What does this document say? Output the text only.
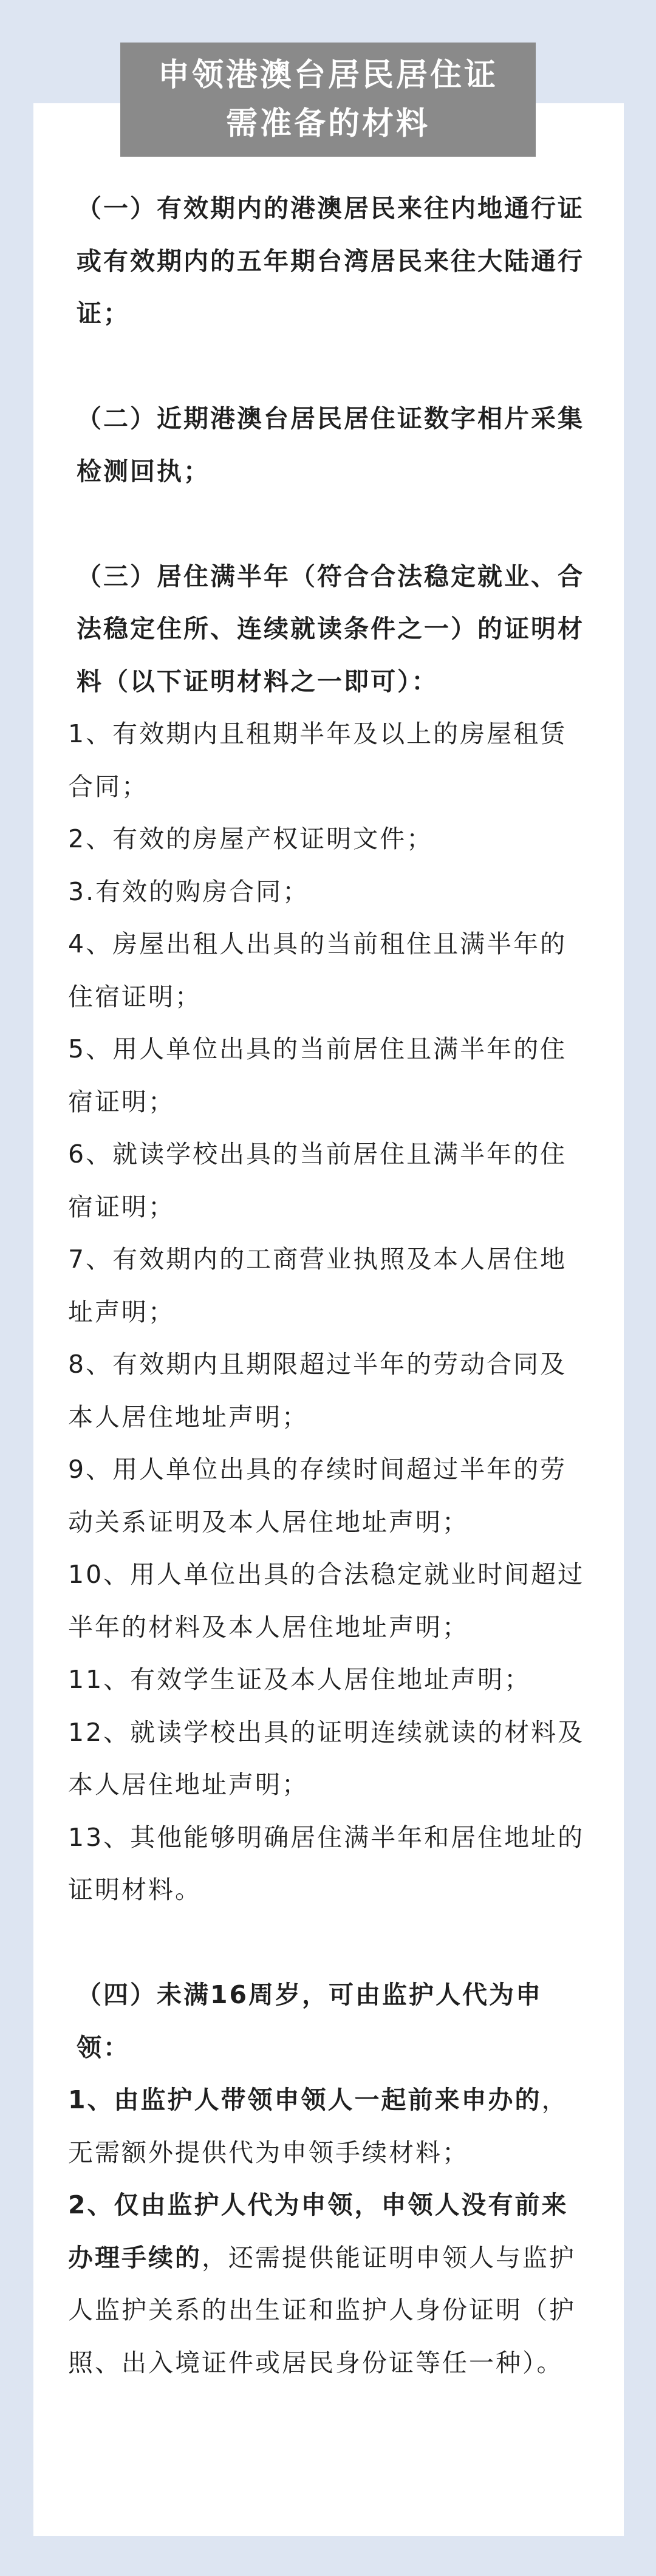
申领港澳台居民居住证
需准备的材料

（一）有效期内的港澳居民来往内地通行证或有效期内的五年期台湾居民来往大陆通行证；

（二）近期港澳台居民居住证数字相片采集检测回执；

（三）居住满半年（符合合法稳定就业、合法稳定住所、连续就读条件之一）的证明材料（以下证明材料之一即可）：

1、有效期内且租期半年及以上的房屋租赁合同；

2、有效的房屋产权证明文件；

3.有效的购房合同；

4、房屋出租人出具的当前租住且满半年的住宿证明；

5、用人单位出具的当前居住且满半年的住宿证明；

6、就读学校出具的当前居住且满半年的住宿证明；

7、有效期内的工商营业执照及本人居住地址声明；

8、有效期内且期限超过半年的劳动合同及本人居住地址声明；

9、用人单位出具的存续时间超过半年的劳动关系证明及本人居住地址声明；

10、用人单位出具的合法稳定就业时间超过半年的材料及本人居住地址声明；

11、有效学生证及本人居住地址声明；

12、就读学校出具的证明连续就读的材料及本人居住地址声明；

13、其他能够明确居住满半年和居住地址的证明材料。

（四）未满16周岁，可由监护人代为申领：

1、由监护人带领申领人一起前来申办的，无需额外提供代为申领手续材料；

2、仅由监护人代为申领，申领人没有前来办理手续的，还需提供能证明申领人与监护人监护关系的出生证和监护人身份证明（护照、出入境证件或居民身份证等任一种）。
